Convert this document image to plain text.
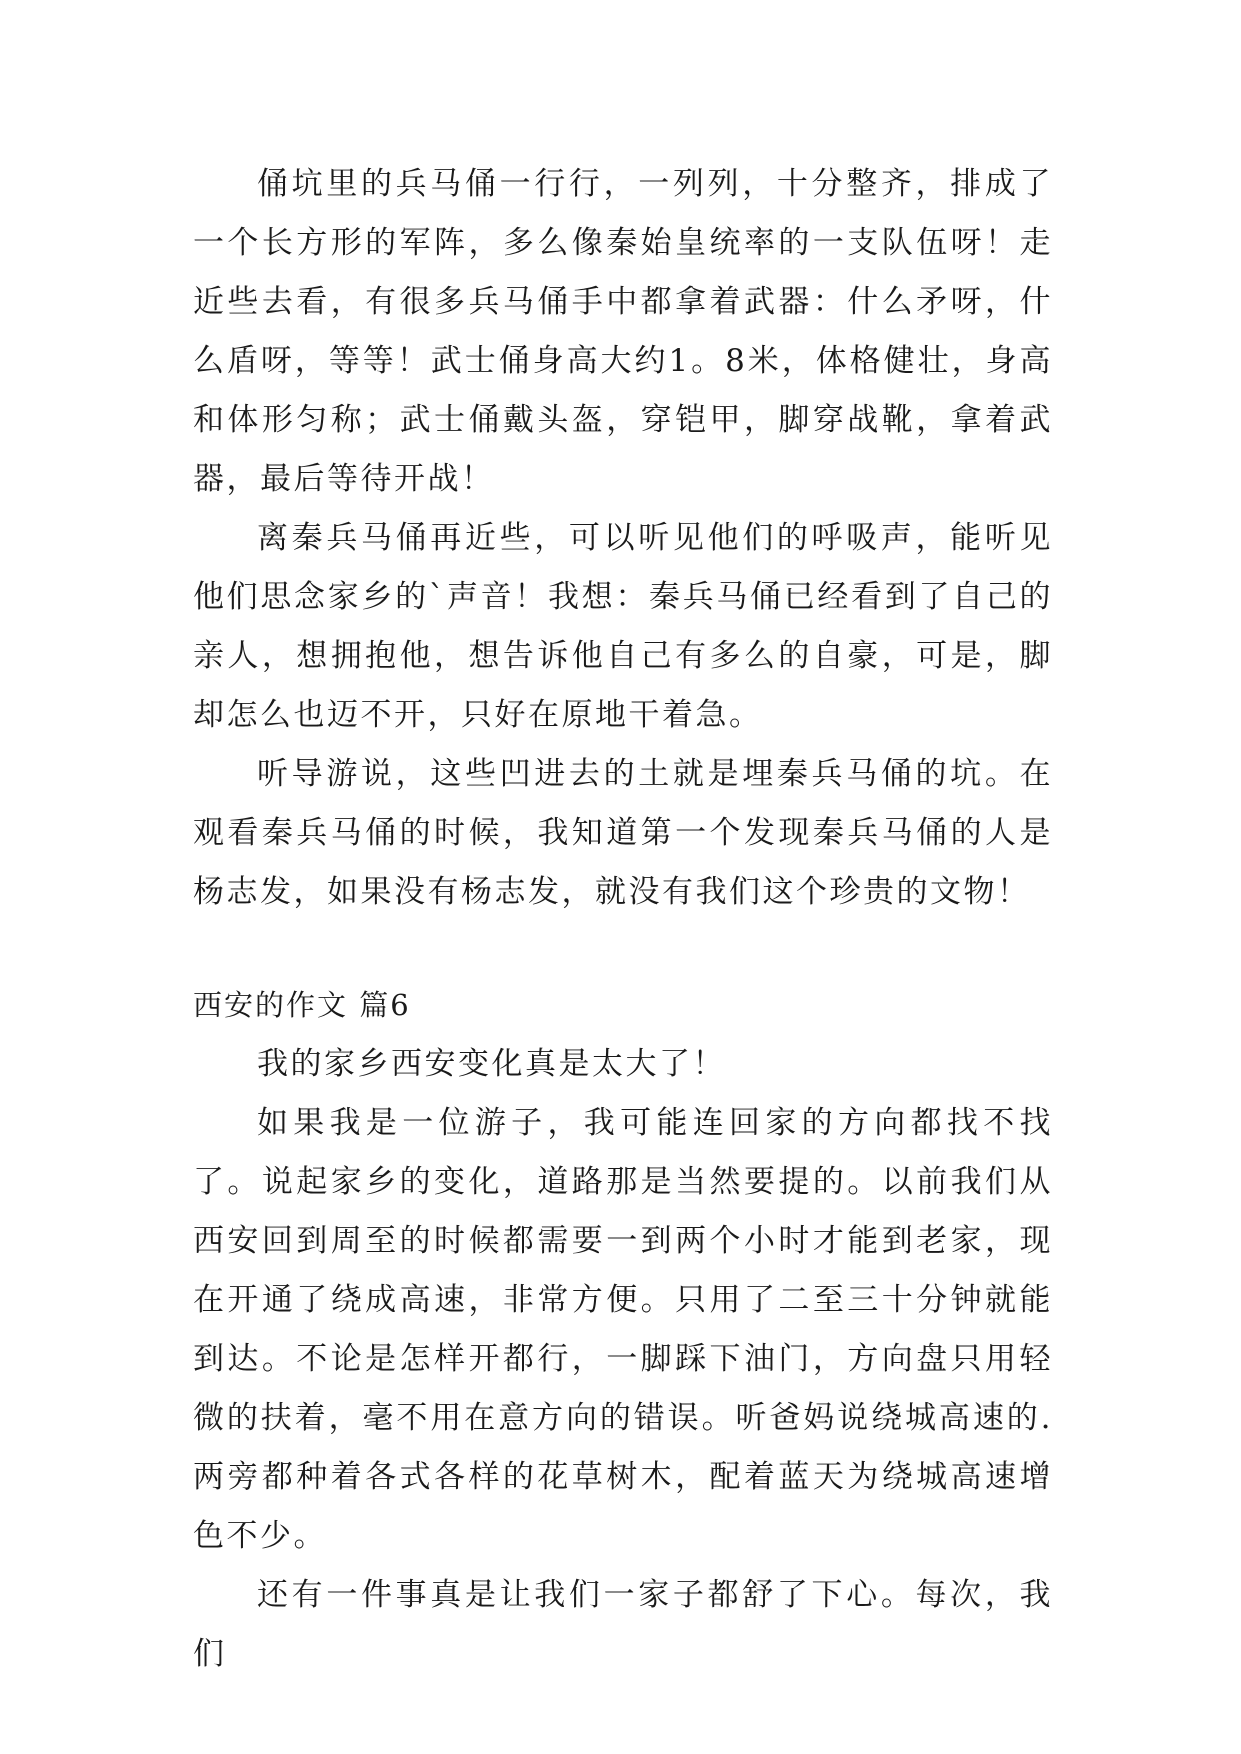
俑坑里的兵马俑一行行，一列列，十分整齐，排成了一个长方形的军阵，多么像秦始皇统率的一支队伍呀！走近些去看，有很多兵马俑手中都拿着武器：什么矛呀，什么盾呀，等等！武士俑身高大约1。8米，体格健壮，身高和体形匀称；武士俑戴头盔，穿铠甲，脚穿战靴，拿着武器，最后等待开战！

离秦兵马俑再近些，可以听见他们的呼吸声，能听见他们思念家乡的`声音！我想：秦兵马俑已经看到了自己的亲人，想拥抱他，想告诉他自己有多么的自豪，可是，脚却怎么也迈不开，只好在原地干着急。

听导游说，这些凹进去的土就是埋秦兵马俑的坑。在观看秦兵马俑的时候，我知道第一个发现秦兵马俑的人是杨志发，如果没有杨志发，就没有我们这个珍贵的文物！

西安的作文 篇6

我的家乡西安变化真是太大了！

如果我是一位游子，我可能连回家的方向都找不找了。说起家乡的变化，道路那是当然要提的。以前我们从西安回到周至的时候都需要一到两个小时才能到老家，现在开通了绕成高速，非常方便。只用了二至三十分钟就能到达。不论是怎样开都行，一脚踩下油门，方向盘只用轻微的扶着，毫不用在意方向的错误。听爸妈说绕城高速的.两旁都种着各式各样的花草树木，配着蓝天为绕城高速增色不少。

还有一件事真是让我们一家子都舒了下心。每次，我们
